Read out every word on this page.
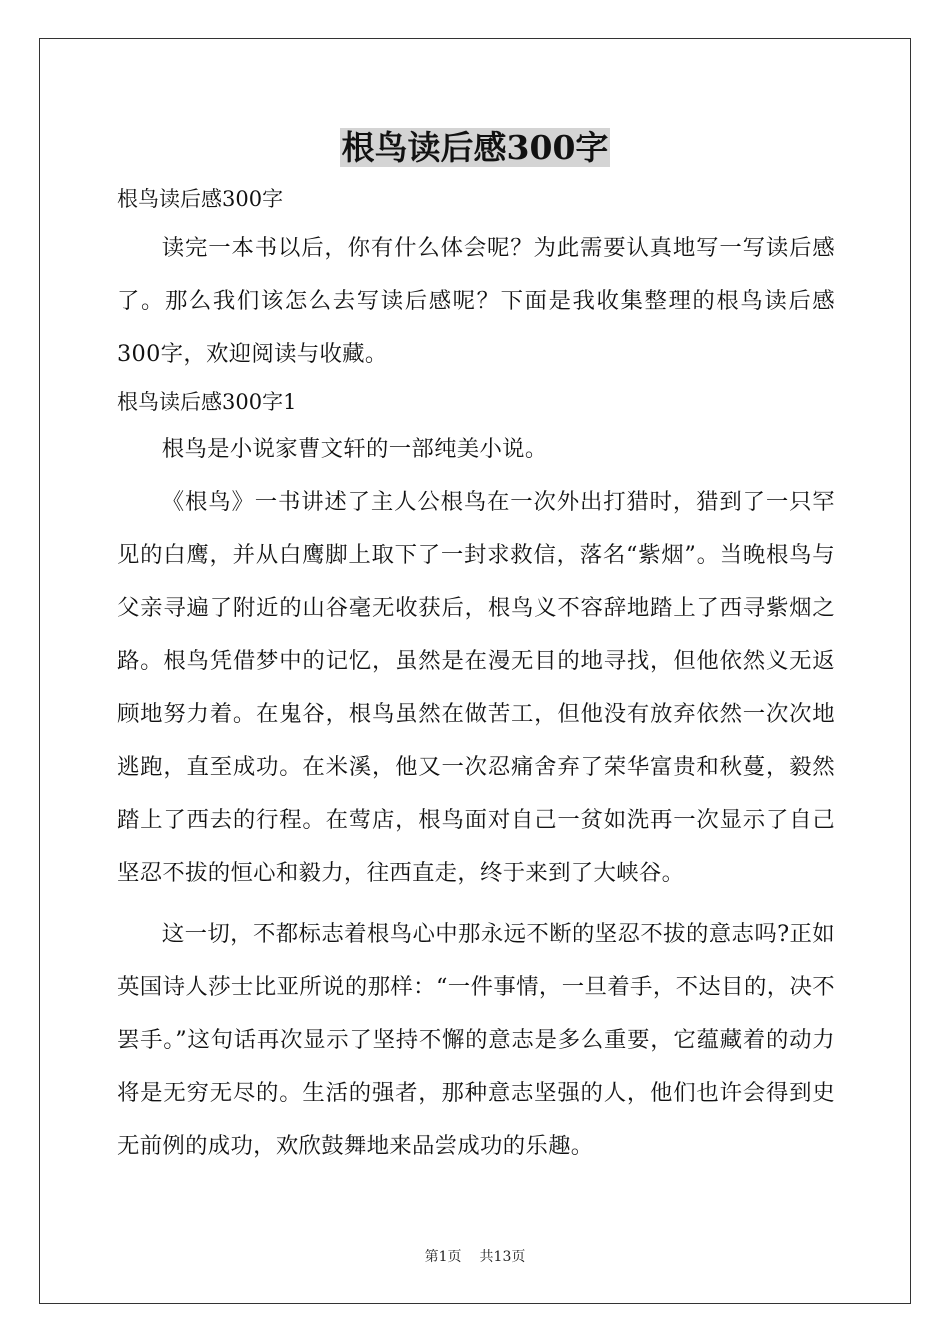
根鸟读后感300字

根鸟读后感300字

读完一本书以后，你有什么体会呢？为此需要认真地写一写读后感了。那么我们该怎么去写读后感呢？下面是我收集整理的根鸟读后感300字，欢迎阅读与收藏。

根鸟读后感300字1

根鸟是小说家曹文轩的一部纯美小说。

《根鸟》一书讲述了主人公根鸟在一次外出打猎时，猎到了一只罕见的白鹰，并从白鹰脚上取下了一封求救信，落名“紫烟”。当晚根鸟与父亲寻遍了附近的山谷毫无收获后，根鸟义不容辞地踏上了西寻紫烟之路。根鸟凭借梦中的记忆，虽然是在漫无目的地寻找，但他依然义无返顾地努力着。在鬼谷，根鸟虽然在做苦工，但他没有放弃依然一次次地逃跑，直至成功。在米溪，他又一次忍痛舍弃了荣华富贵和秋蔓，毅然踏上了西去的行程。在莺店，根鸟面对自己一贫如洗再一次显示了自己坚忍不拔的恒心和毅力，往西直走，终于来到了大峡谷。

这一切，不都标志着根鸟心中那永远不断的坚忍不拔的意志吗?正如英国诗人莎士比亚所说的那样：“一件事情，一旦着手，不达目的，决不罢手。”这句话再次显示了坚持不懈的意志是多么重要，它蕴藏着的动力将是无穷无尽的。生活的强者，那种意志坚强的人，他们也许会得到史无前例的成功，欢欣鼓舞地来品尝成功的乐趣。

第1页 共13页
